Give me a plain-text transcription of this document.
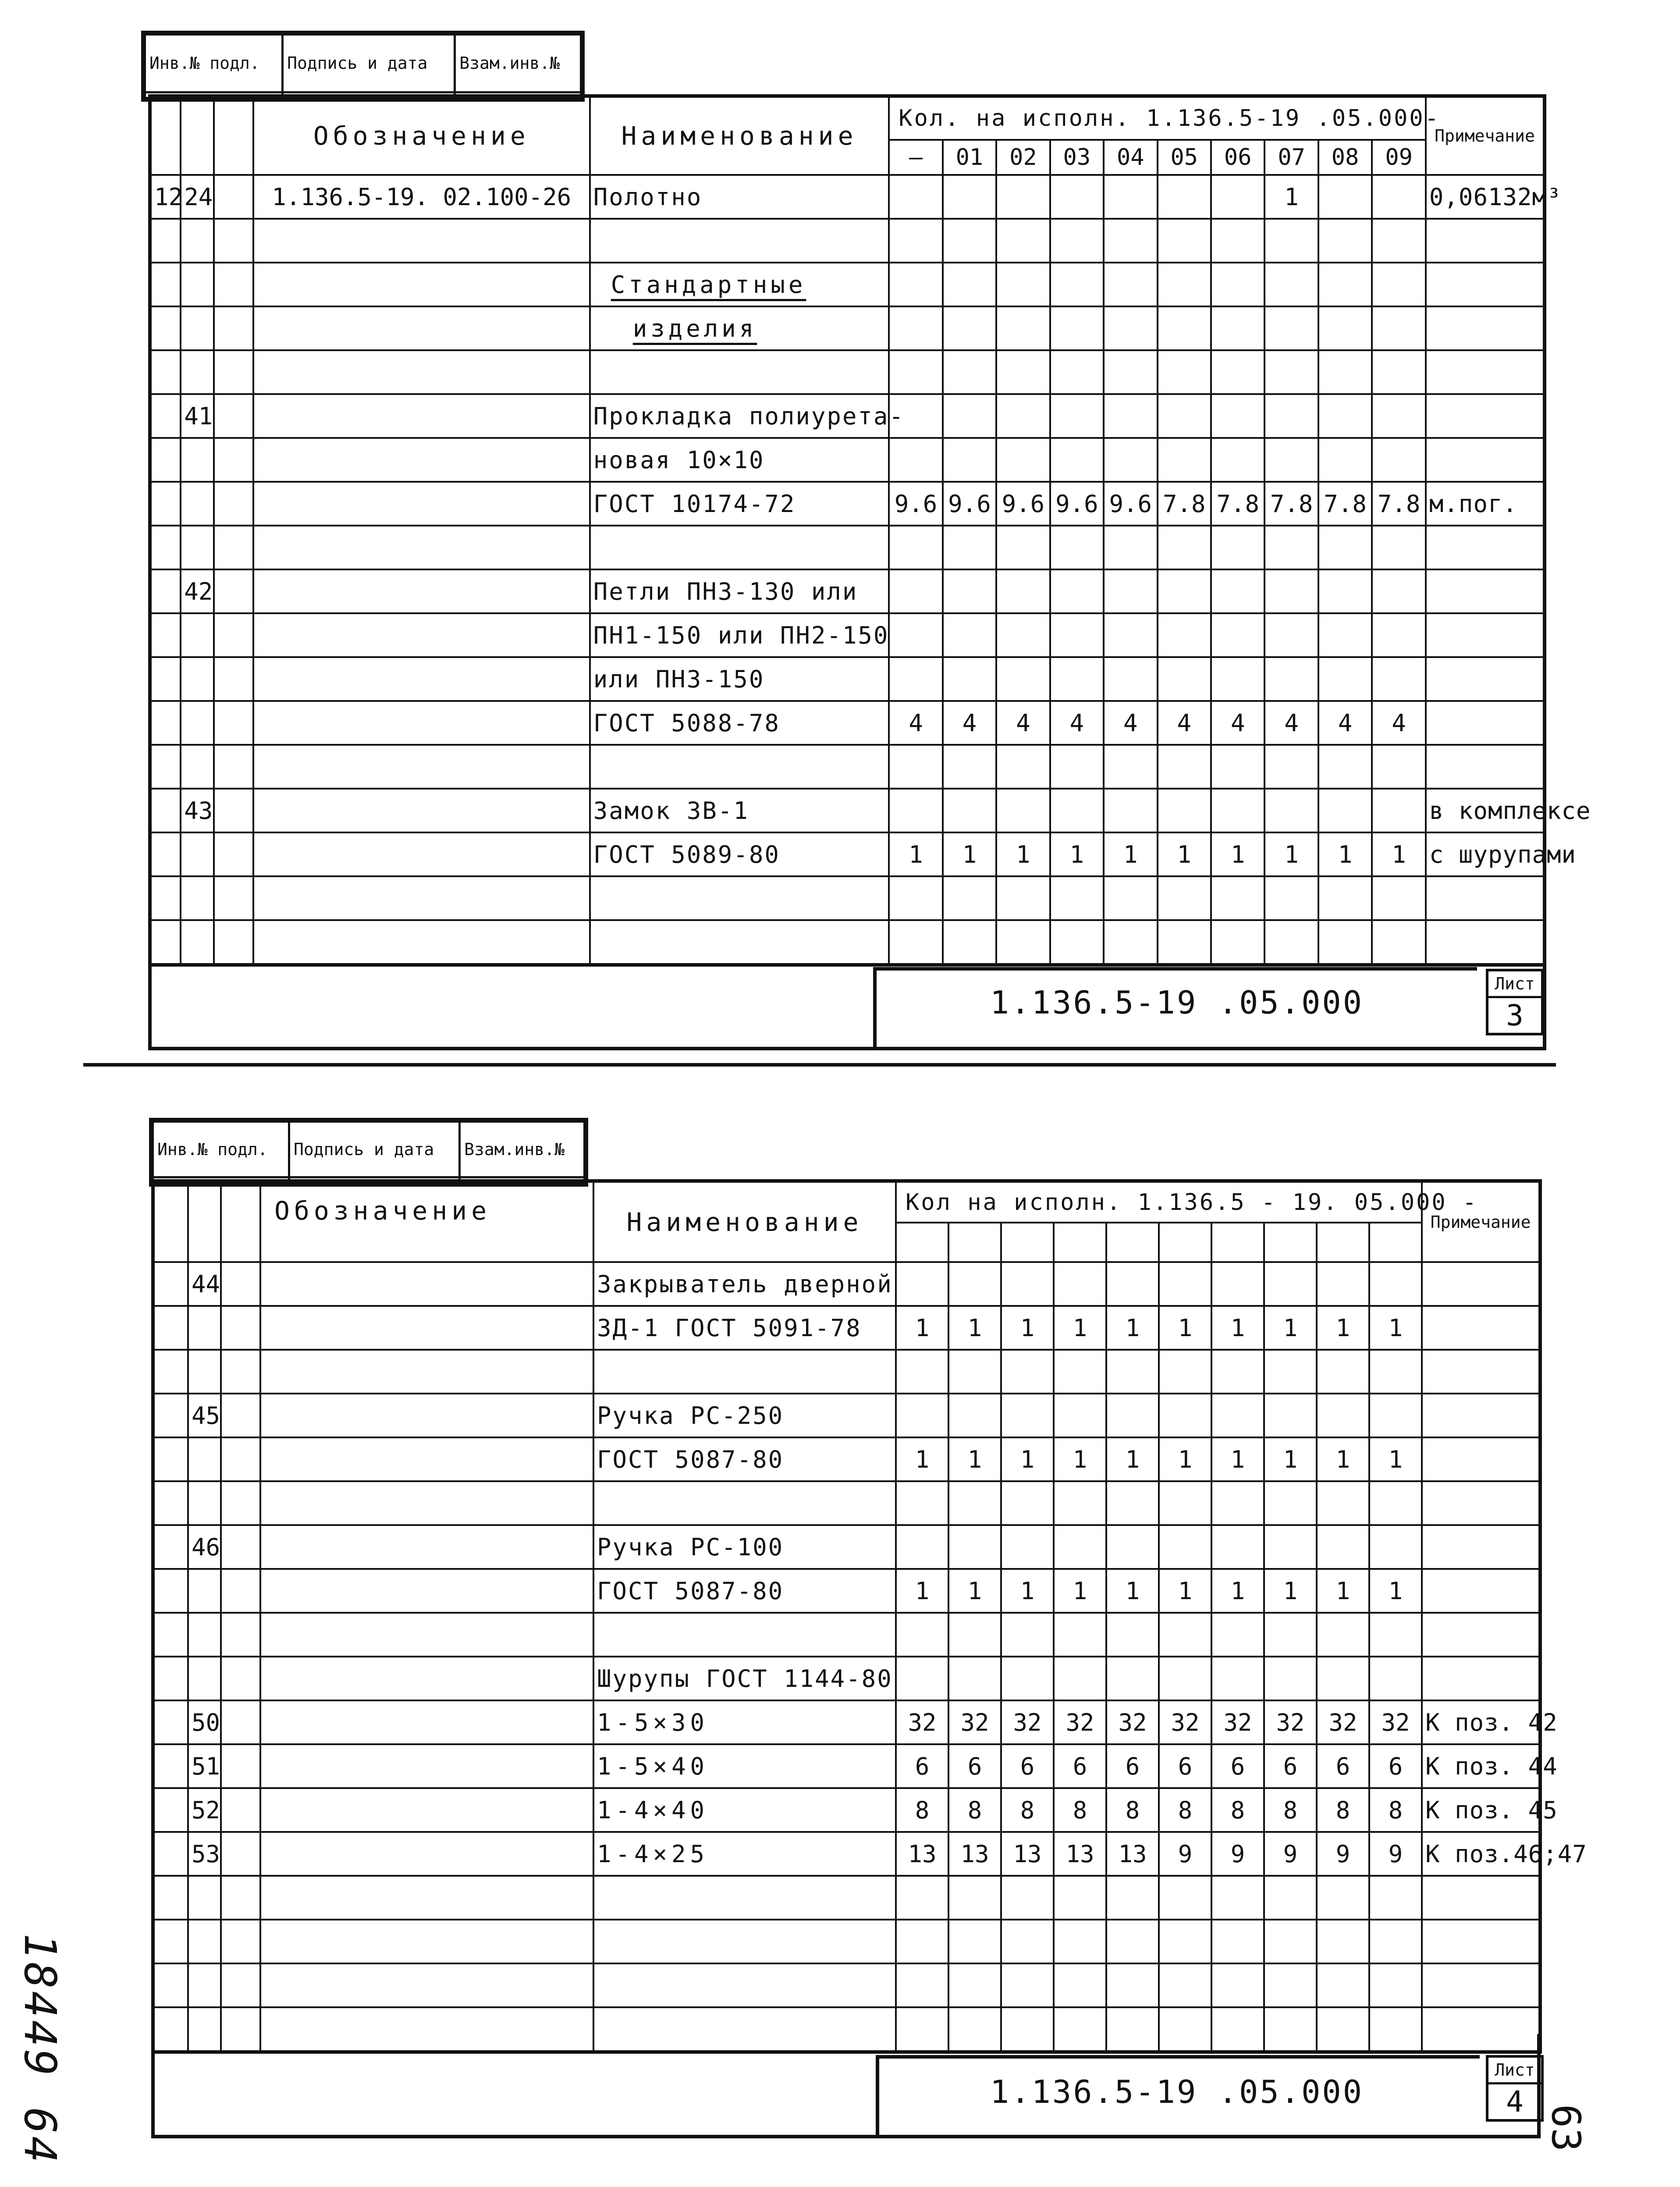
Инв.№ подл.	Подпись и дата	Взам.инв.№

			Обозначение	Наименование	Кол. на исполн. 1.136.5-19 .05.000-										Примечание
					—	01	02	03	04	05	06	07	08	09	
12	24		1.136.5-19. 02.100-26	Полотно								1			0,06132м³

				Стандартные											
				изделия											

	41			Прокладка полиурета-											
				новая 10×10											
				ГОСТ 10174-72	9.6	9.6	9.6	9.6	9.6	7.8	7.8	7.8	7.8	7.8	м.пог.

	42			Петли ПН3-130 или											
				ПН1-150 или ПН2-150											
				или ПН3-150											
				ГОСТ 5088-78	4	4	4	4	4	4	4	4	4	4	

	43			Замок ЗВ-1											в комплексе
				ГОСТ 5089-80	1	1	1	1	1	1	1	1	1	1	с шурупами

1.136.5-19 .05.000
Лист
3
Инв.№ подл.	Подпись и дата	Взам.инв.№

			Обозначение	Наименование	Кол на исполн. 1.136.5 - 19. 05.000 -										Примечание

	44			Закрыватель дверной											
				ЗД-1 ГОСТ 5091-78	1	1	1	1	1	1	1	1	1	1	

	45			Ручка РС-250											
				ГОСТ 5087-80	1	1	1	1	1	1	1	1	1	1	

	46			Ручка РС-100											
				ГОСТ 5087-80	1	1	1	1	1	1	1	1	1	1	

				Шурупы ГОСТ 1144-80											
	50			1-5×30	32	32	32	32	32	32	32	32	32	32	К поз. 42
	51			1-5×40	6	6	6	6	6	6	6	6	6	6	К поз. 44
	52			1-4×40	8	8	8	8	8	8	8	8	8	8	К поз. 45
	53			1-4×25	13	13	13	13	13	9	9	9	9	9	К поз.46;47

1.136.5-19 .05.000
Лист
4
18449 64	63
